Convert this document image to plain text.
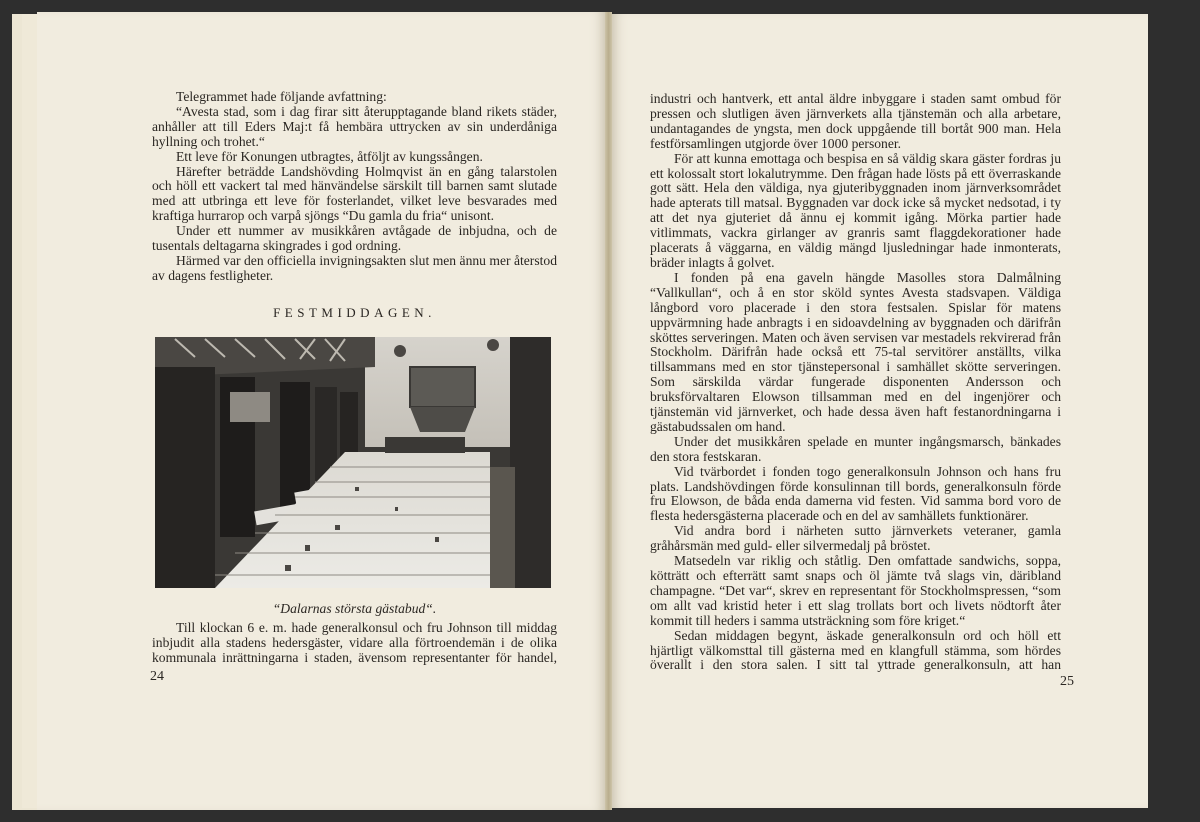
Telegrammet hade följande avfattning:

“Avesta stad, som i dag firar sitt återupptagande bland rikets städer, anhåller att till Eders Maj:t få hembära uttrycken av sin underdåniga hyllning och trohet.“

Ett leve för Konungen utbragtes, åtföljt av kungssången.

Härefter beträdde Landshövding Holmqvist än en gång talarstolen och höll ett vackert tal med hänvändelse särskilt till barnen samt slutade med att utbringa ett leve för fosterlandet, vilket leve besvarades med kraftiga hurrarop och varpå sjöngs “Du gamla du fria“ unisont.

Under ett nummer av musikkåren avtågade de inbjudna, och de tusentals deltagarna skingrades i god ordning.

Härmed var den officiella invigningsakten slut men ännu mer återstod av dagens festligheter.

FESTMIDDAGEN.
“Dalarnas största gästabud“.

Till klockan 6 e. m. hade generalkonsul och fru Johnson till middag inbjudit alla stadens hedersgäster, vidare alla förtroendemän i de olika kommunala inrättningarna i staden, ävensom representanter för handel,

24

industri och hantverk, ett antal äldre inbyggare i staden samt ombud för pressen och slutligen även järnverkets alla tjänstemän och alla arbetare, undantagandes de yngsta, men dock uppgående till bortåt 900 man. Hela festförsamlingen utgjorde över 1000 personer.

För att kunna emottaga och bespisa en så väldig skara gäster fordras ju ett kolossalt stort lokalutrymme. Den frågan hade lösts på ett överraskande gott sätt. Hela den väldiga, nya gjuteribyggnaden inom järnverksområdet hade apterats till matsal. Byggnaden var dock icke så mycket nedsotad, i ty att det nya gjuteriet då ännu ej kommit igång. Mörka partier hade vitlimmats, vackra girlanger av granris samt flaggdekorationer hade placerats å väggarna, en väldig mängd ljusledningar hade inmonterats, bräder inlagts å golvet.

I fonden på ena gaveln hängde Masolles stora Dalmålning “Vallkullan“, och å en stor sköld syntes Avesta stadsvapen. Väldiga långbord voro placerade i den stora festsalen. Spislar för matens uppvärmning hade anbragts i en sidoavdelning av byggnaden och därifrån sköttes serveringen. Maten och även servisen var mestadels rekvirerad från Stockholm. Därifrån hade också ett 75-tal servitörer anställts, vilka tillsammans med en stor tjänstepersonal i samhället skötte serveringen. Som särskilda värdar fungerade disponenten Andersson och bruksförvaltaren Elowson tillsamman med en del ingenjörer och tjänstemän vid järnverket, och hade dessa även haft festanordningarna i gästabudssalen om hand.

Under det musikkåren spelade en munter ingångsmarsch, bänkades den stora festskaran.

Vid tvärbordet i fonden togo generalkonsuln Johnson och hans fru plats. Landshövdingen förde konsulinnan till bords, generalkonsuln förde fru Elowson, de båda enda damerna vid festen. Vid samma bord voro de flesta hedersgästerna placerade och en del av samhällets funktionärer.

Vid andra bord i närheten sutto järnverkets veteraner, gamla gråhårsmän med guld- eller silvermedalj på bröstet.

Matsedeln var riklig och ståtlig. Den omfattade sandwichs, soppa, kötträtt och efterrätt samt snaps och öl jämte två slags vin, däribland champagne. “Det var“, skrev en representant för Stockholmspressen, “som om allt vad kristid heter i ett slag trollats bort och livets nödtorft åter kommit till heders i samma utsträckning som före kriget.“

Sedan middagen begynt, äskade generalkonsuln ord och höll ett hjärtligt välkomsttal till gästerna med en klangfull stämma, som hördes överallt i den stora salen. I sitt tal yttrade generalkonsuln, att han

25
